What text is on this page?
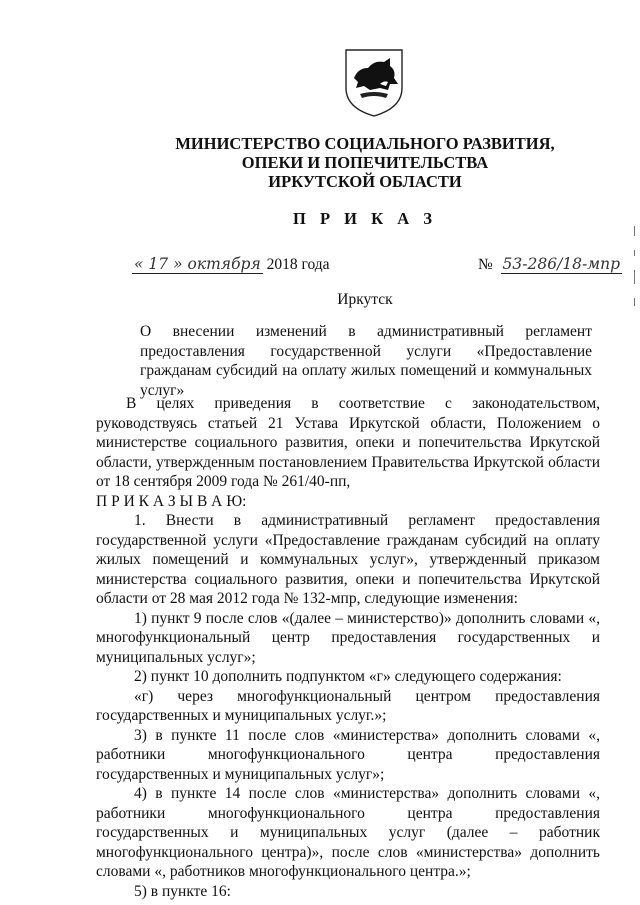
МИНИСТЕРСТВО СОЦИАЛЬНОГО РАЗВИТИЯ,
ОПЕКИ И ПОПЕЧИТЕЛЬСТВА
ИРКУТСКОЙ ОБЛАСТИ
П Р И К А З
« 17 » октября 2018 года	№ 53-286/18-мпр
Иркутск
О внесении изменений в административный регламент предоставления государственной услуги «Предоставление гражданам субсидий на оплату жилых помещений и коммунальных услуг»

В целях приведения в соответствие с законодательством, руководствуясь статьей 21 Устава Иркутской области, Положением о министерстве социального развития, опеки и попечительства Иркутской области, утвержденным постановлением Правительства Иркутской области от 18 сентября 2009 года № 261/40-пп,

П Р И К А З Ы В А Ю:

1. Внести в административный регламент предоставления государственной услуги «Предоставление гражданам субсидий на оплату жилых помещений и коммунальных услуг», утвержденный приказом министерства социального развития, опеки и попечительства Иркутской области от 28 мая 2012 года № 132-мпр, следующие изменения:

1) пункт 9 после слов «(далее – министерство)» дополнить словами «, многофункциональный центр предоставления государственных и муниципальных услуг»;

2) пункт 10 дополнить подпунктом «г» следующего содержания:

«г) через многофункциональный центром предоставления государственных и муниципальных услуг.»;

3) в пункте 11 после слов «министерства» дополнить словами «, работники многофункционального центра предоставления государственных и муниципальных услуг»;

4) в пункте 14 после слов «министерства» дополнить словами «, работники многофункционального центра предоставления государственных и муниципальных услуг (далее – работник многофункционального центра)», после слов «министерства» дополнить словами «, работников многофункционального центра.»;

5) в пункте 16:
